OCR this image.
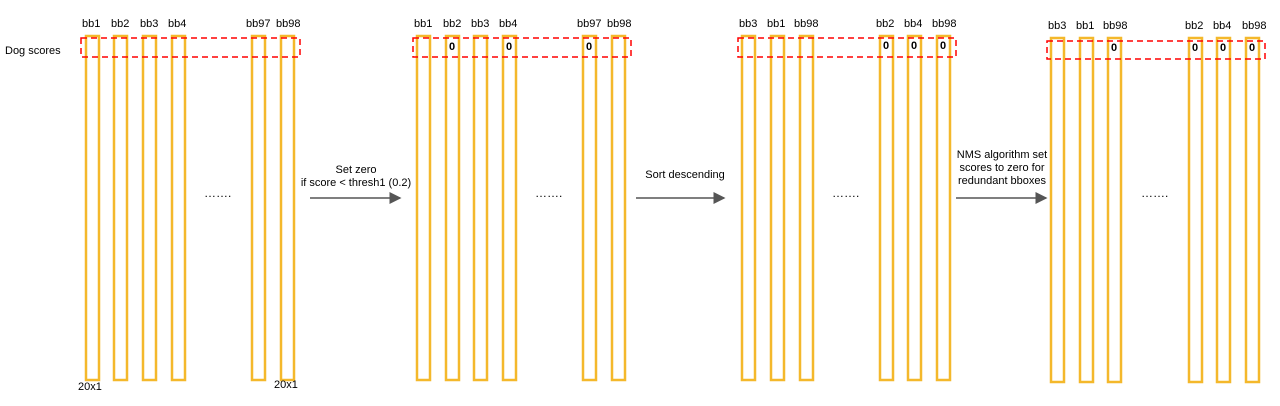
Dog scores
bb1 bb2 bb3 bb4	bb97 bb98
20x1	20x1
…….
bb1 bb2 bb3 bb4	bb97 bb98
0	0	0
…….
bb3 bb1 bb98	bb2 bb4 bb98
0 0 0
…….
bb3 bb1 bb98	bb2 bb4 bb98
0	0 0 0
…….
Set zero
if score < thresh1 (0.2)
Sort descending
NMS algorithm set
scores to zero for
redundant bboxes
